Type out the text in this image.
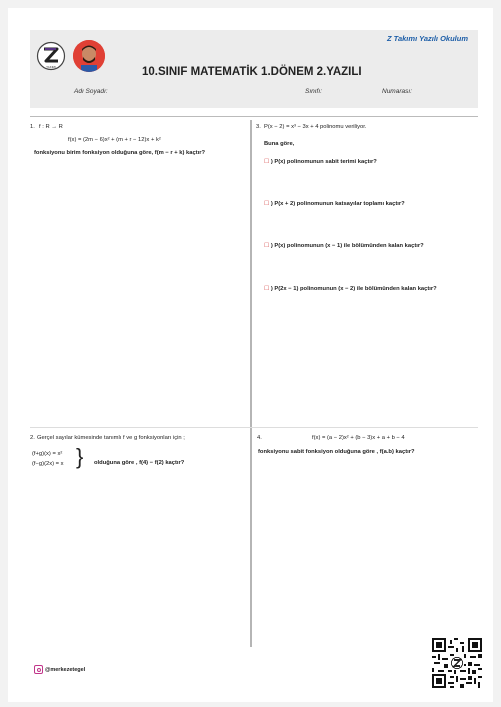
Z Takımı Yazılı Okulum
TAKIMI	10.SINIF MATEMATİK 1.DÖNEM 2.YAZILI
Adı Soyadı:	Sınıfı:	Numarası:
1. f : R → R
f(x) = (2m − 6)x² + (m + r − 12)x + k²
fonksiyonu birim fonksiyon olduğuna göre, f(m − r + k) kaçtır?
3. P(x − 2) = x³ − 3x + 4 polinomu veriliyor.
Buna göre,
☐ ) P(x) polinomunun sabit terimi kaçtır?
☐ ) P(x + 2) polinomunun katsayılar toplamı kaçtır?
☐ ) P(x) polinomunun (x − 1) ile bölümünden kalan kaçtır?
☐ ) P(2x − 1) polinomunun (x − 2) ile bölümünden kalan kaçtır?
2. Gerçel sayılar kümesinde tanımlı f ve g fonksiyonları için ;
(f+g)(x) = x²
(f−g)(2x) = x } olduğuna göre , f(4) − f(2) kaçtır?
4.	f(x) = (a − 2)x² + (b − 3)x + a + b − 4
fonksiyonu sabit fonksiyon olduğuna göre , f(a.b) kaçtır?
@merkezetegel
